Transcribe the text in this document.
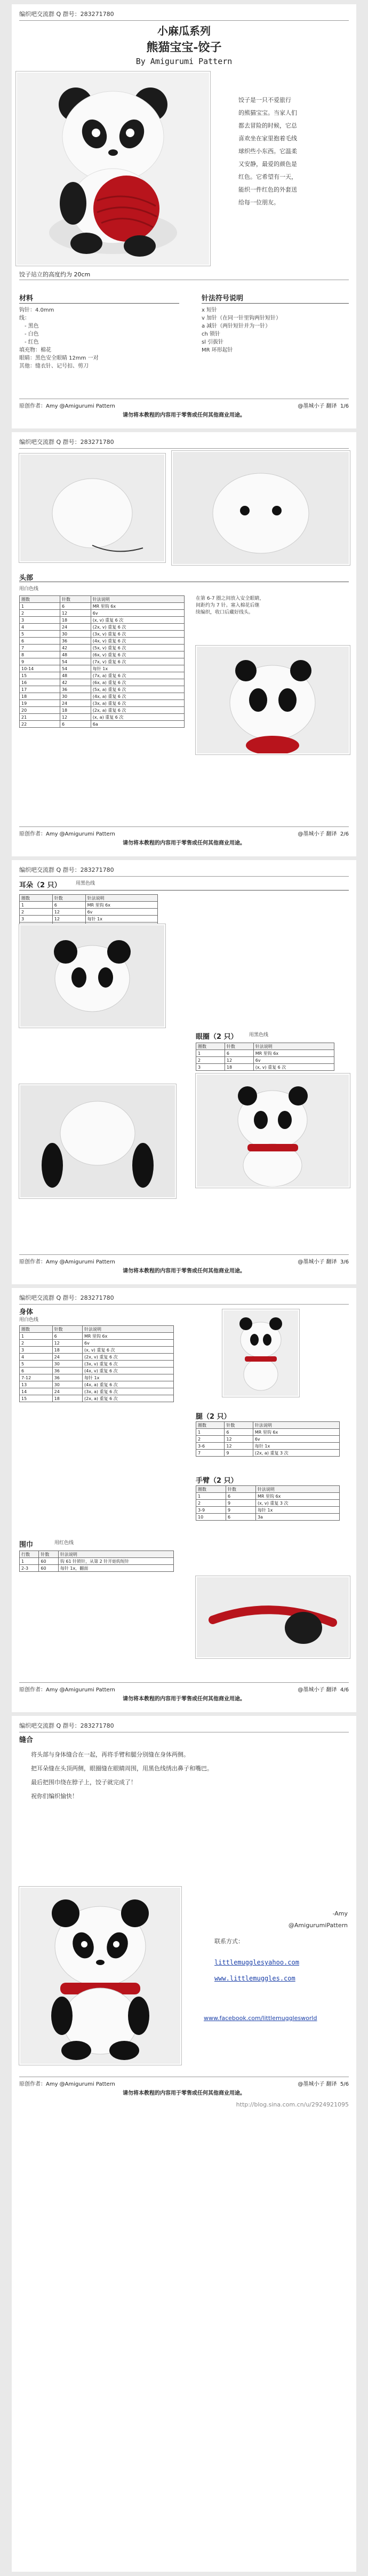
编织吧交流群 Q 群号：283271780
小麻瓜系列
熊猫宝宝-饺子
By Amigurumi Pattern
饺子是一只不爱旅行
的熊猫宝宝。当家人们
都去冒险的时候，它总
喜欢坐在家里抱着毛线
球织些小东西。它温柔
又安静，最爱的颜色是
红色。它希望有一天，
能织一件红色的外套送
给每一位朋友。
饺子站立的高度约为 20cm
材料	针法符号说明
钩针：4.0mm
线：
- 黑色
- 白色
- 红色
填充物：棉花
眼睛：黑色安全眼睛 12mm 一对
其他：缝衣针、记号扣、剪刀
x 短针
v 加针（在同一针里钩两针短针）
a 减针（两针短针并为一针）
ch 锁针
sl 引拔针
MR 环形起针
原创作者：Amy @Amigurumi Pattern	@墨城小子 翻译 1/6
请勿将本教程的内容用于零售或任何其他商业用途。
编织吧交流群 Q 群号：283271780
头部
用白色线
圈数	针数	针法说明
1	6	MR 里钩 6x
2	12	6v
3	18	(x, v) 重复 6 次
4	24	(2x, v) 重复 6 次
5	30	(3x, v) 重复 6 次
6	36	(4x, v) 重复 6 次
7	42	(5x, v) 重复 6 次
8	48	(6x, v) 重复 6 次
9	54	(7x, v) 重复 6 次
10-14	54	每针 1x
15	48	(7x, a) 重复 6 次
16	42	(6x, a) 重复 6 次
17	36	(5x, a) 重复 6 次
18	30	(4x, a) 重复 6 次
19	24	(3x, a) 重复 6 次
20	18	(2x, a) 重复 6 次
21	12	(x, a) 重复 6 次
22	6	6a
在第 6-7 圈之间放入安全眼睛，
间距约为 7 针。塞入棉花后继
续编织，收口后藏好线头。
原创作者：Amy @Amigurumi Pattern	@墨城小子 翻译 2/6
请勿将本教程的内容用于零售或任何其他商业用途。
编织吧交流群 Q 群号：283271780
耳朵（2 只）	用黑色线
圈数	针数	针法说明
1	6	MR 里钩 6x
2	12	6v
3	12	每针 1x

眼圈（2 只） 用黑色线
圈数	针数	针法说明
1	6	MR 里钩 6x
2	12	6v
3	18	(x, v) 重复 6 次
原创作者：Amy @Amigurumi Pattern	@墨城小子 翻译 3/6
请勿将本教程的内容用于零售或任何其他商业用途。
编织吧交流群 Q 群号：283271780
身体
用白色线
圈数	针数	针法说明
1	6	MR 里钩 6x
2	12	6v
3	18	(x, v) 重复 6 次
4	24	(2x, v) 重复 6 次
5	30	(3x, v) 重复 6 次
6	36	(4x, v) 重复 6 次
7-12	36	每针 1x
13	30	(4x, a) 重复 6 次
14	24	(3x, a) 重复 6 次
15	18	(2x, a) 重复 6 次
腿（2 只）
圈数	针数	针法说明
1	6	MR 里钩 6x
2	12	6v
3-6	12	每针 1x
7	9	(2x, a) 重复 3 次
手臂（2 只）
圈数	针数	针法说明
1	6	MR 里钩 6x
2	9	(x, v) 重复 3 次
3-9	9	每针 1x
10	6	3a
围巾	用红色线
行数	针数	针法说明
1	60	钩 61 针锁针，从第 2 针开始钩短针
2-3	60	每针 1x，翻面
原创作者：Amy @Amigurumi Pattern	@墨城小子 翻译 4/6
请勿将本教程的内容用于零售或任何其他商业用途。
编织吧交流群 Q 群号：283271780
缝合
将头部与身体缝合在一起，再将手臂和腿分别缝在身体两侧。
把耳朵缝在头顶两侧，眼圈缝在眼睛周围，用黑色线绣出鼻子和嘴巴。
最后把围巾绕在脖子上，饺子就完成了！
祝你们编织愉快！
-Amy
@AmigurumiPattern
联系方式：
littlemugglesyahoo.com
www.littlemuggles.com
www.facebook.com/littlemugglesworld
原创作者：Amy @Amigurumi Pattern	@墨城小子 翻译 5/6
请勿将本教程的内容用于零售或任何其他商业用途。
http://blog.sina.com.cn/u/2924921095
